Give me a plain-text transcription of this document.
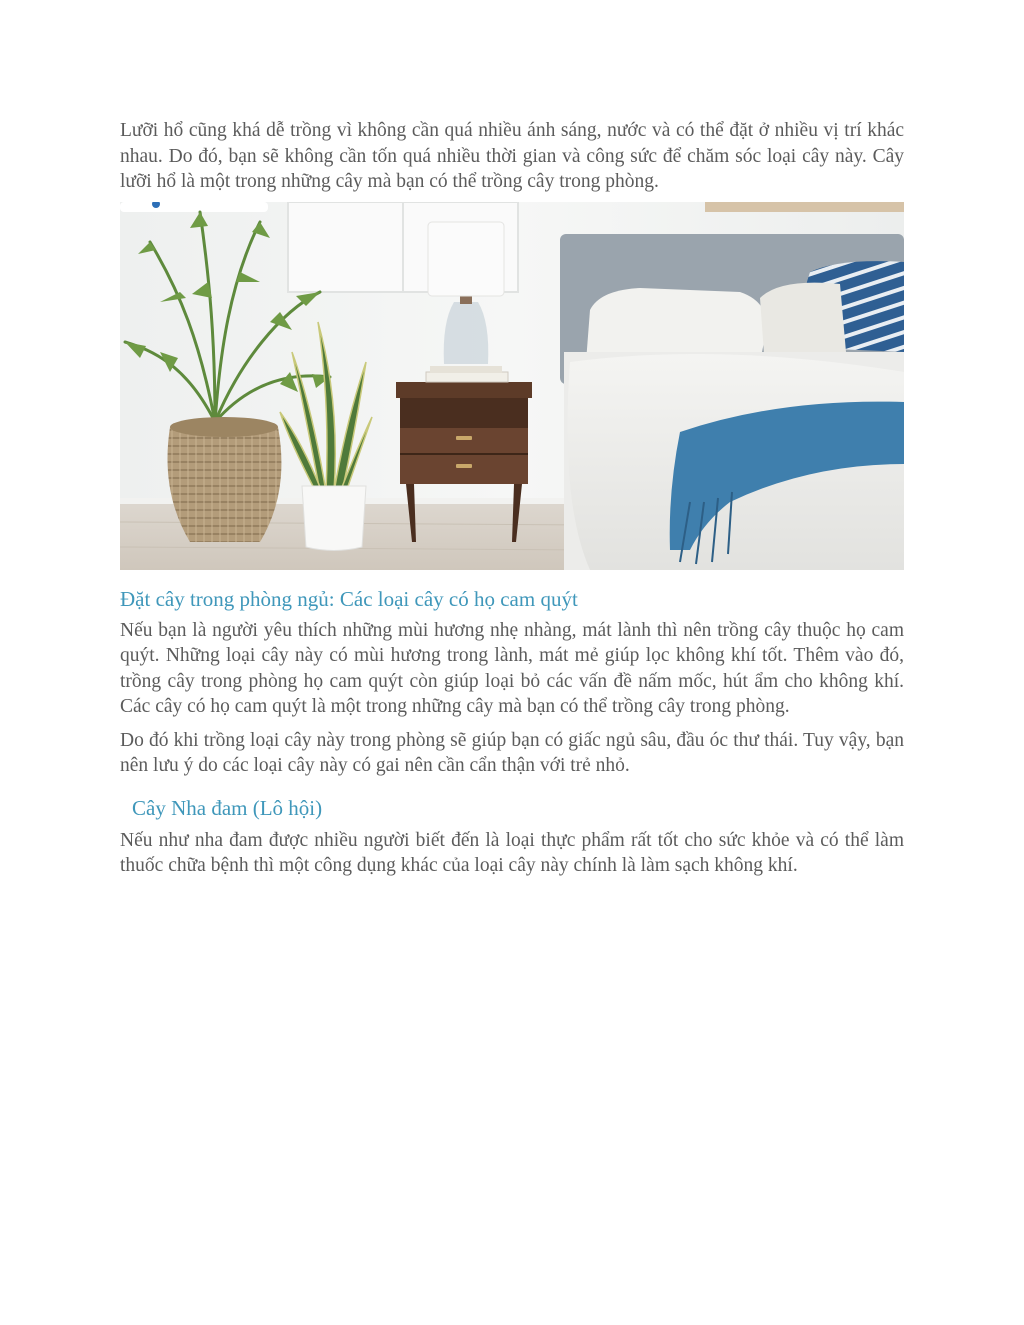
Lưỡi hổ cũng khá dễ trồng vì không cần quá nhiều ánh sáng, nước và có thể đặt ở nhiều vị trí khác nhau. Do đó, bạn sẽ không cần tốn quá nhiều thời gian và công sức để chăm sóc loại cây này. Cây lưỡi hổ là một trong những cây mà bạn có thể trồng cây trong phòng.

Đặt cây trong phòng ngủ: Các loại cây có họ cam quýt

Nếu bạn là người yêu thích những mùi hương nhẹ nhàng, mát lành thì nên trồng cây thuộc họ cam quýt. Những loại cây này có mùi hương trong lành, mát mẻ giúp lọc không khí tốt. Thêm vào đó, trồng cây trong phòng họ cam quýt còn giúp loại bỏ các vấn đề nấm mốc, hút ẩm cho không khí. Các cây có họ cam quýt là một trong những cây mà bạn có thể trồng cây trong phòng.

Do đó khi trồng loại cây này trong phòng sẽ giúp bạn có giấc ngủ sâu, đầu óc thư thái. Tuy vậy, bạn nên lưu ý do các loại cây này có gai nên cần cẩn thận với trẻ nhỏ.

Cây Nha đam (Lô hội)

Nếu như nha đam được nhiều người biết đến là loại thực phẩm rất tốt cho sức khỏe và có thể làm thuốc chữa bệnh thì một công dụng khác của loại cây này chính là làm sạch không khí.
